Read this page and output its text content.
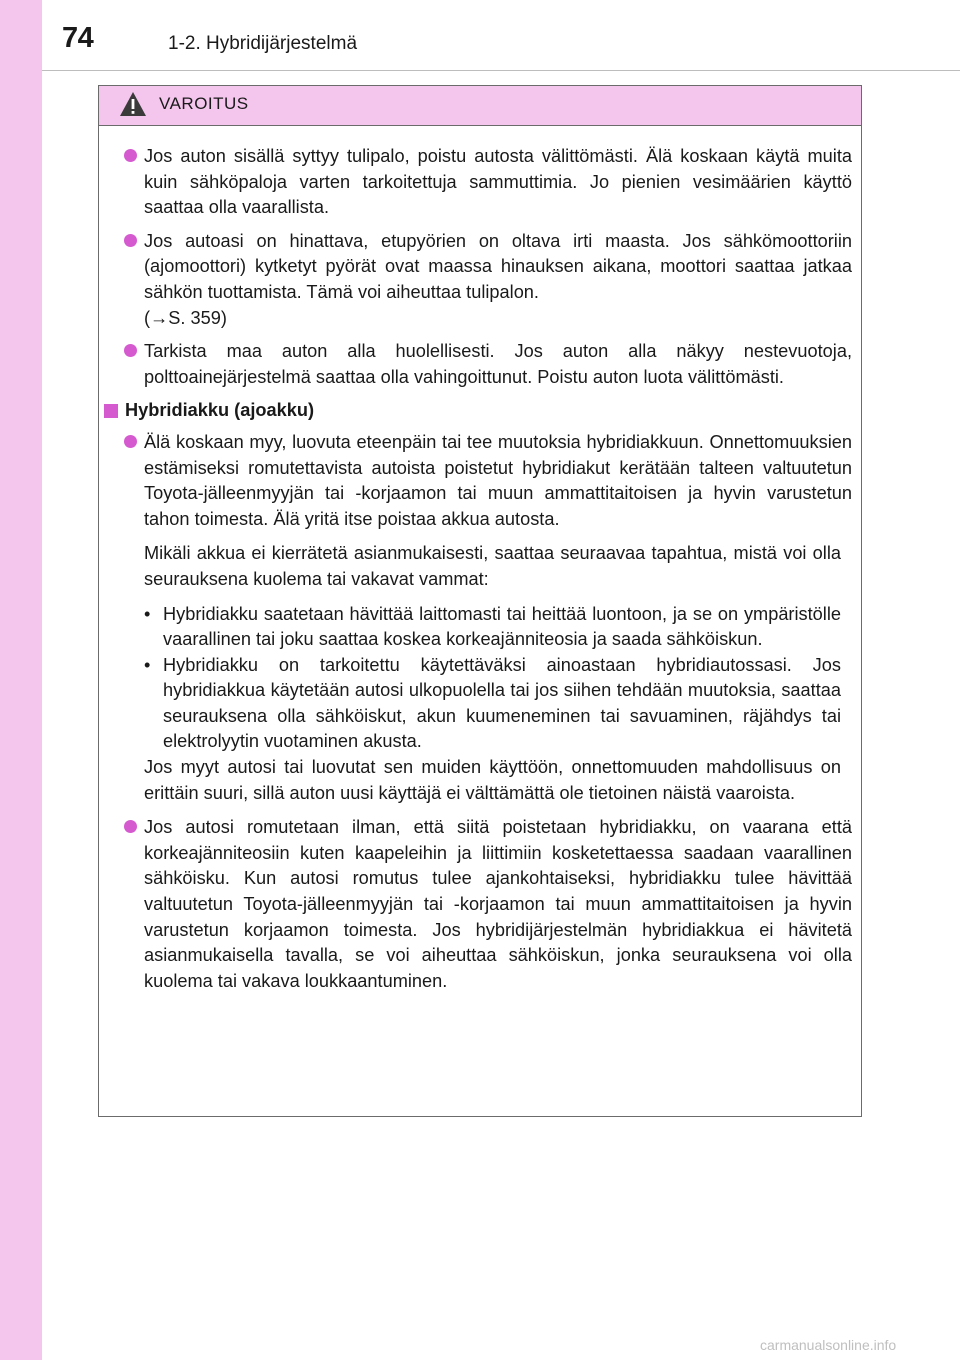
74	1-2. Hybridijärjestelmä
VAROITUS
Jos auton sisällä syttyy tulipalo, poistu autosta välittömästi. Älä koskaan käytä muita kuin sähköpaloja varten tarkoitettuja sammuttimia. Jo pienien vesimäärien käyttö saattaa olla vaarallista.
Jos autoasi on hinattava, etupyörien on oltava irti maasta. Jos sähkömoottoriin (ajomoottori) kytketyt pyörät ovat maassa hinauksen aikana, moottori saattaa jatkaa sähkön tuottamista. Tämä voi aiheuttaa tulipalon.
(→S. 359)
Tarkista maa auton alla huolellisesti. Jos auton alla näkyy nestevuotoja, polttoainejärjestelmä saattaa olla vahingoittunut. Poistu auton luota välittömästi.
Hybridiakku (ajoakku)
Älä koskaan myy, luovuta eteenpäin tai tee muutoksia hybridiakkuun. Onnettomuuksien estämiseksi romutettavista autoista poistetut hybridiakut kerätään talteen valtuutetun Toyota-jälleenmyyjän tai -korjaamon tai muun ammattitaitoisen ja hyvin varustetun tahon toimesta. Älä yritä itse poistaa akkua autosta.
Mikäli akkua ei kierrätetä asianmukaisesti, saattaa seuraavaa tapahtua, mistä voi olla seurauksena kuolema tai vakavat vammat:
• Hybridiakku saatetaan hävittää laittomasti tai heittää luontoon, ja se on ympäristölle vaarallinen tai joku saattaa koskea korkeajänniteosia ja saada sähköiskun.
• Hybridiakku on tarkoitettu käytettäväksi ainoastaan hybridiautossasi. Jos hybridiakkua käytetään autosi ulkopuolella tai jos siihen tehdään muutoksia, saattaa seurauksena olla sähköiskut, akun kuumeneminen tai savuaminen, räjähdys tai elektrolyytin vuotaminen akusta.
Jos myyt autosi tai luovutat sen muiden käyttöön, onnettomuuden mahdollisuus on erittäin suuri, sillä auton uusi käyttäjä ei välttämättä ole tietoinen näistä vaaroista.
Jos autosi romutetaan ilman, että siitä poistetaan hybridiakku, on vaarana että korkeajänniteosiin kuten kaapeleihin ja liittimiin kosketettaessa saadaan vaarallinen sähköisku. Kun autosi romutus tulee ajankohtaiseksi, hybridiakku tulee hävittää valtuutetun Toyota-jälleenmyyjän tai -korjaamon tai muun ammattitaitoisen ja hyvin varustetun korjaamon toimesta. Jos hybridijärjestelmän hybridiakkua ei hävitetä asianmukaisella tavalla, se voi aiheuttaa sähköiskun, jonka seurauksena voi olla kuolema tai vakava loukkaantuminen.
carmanualsonline.info
